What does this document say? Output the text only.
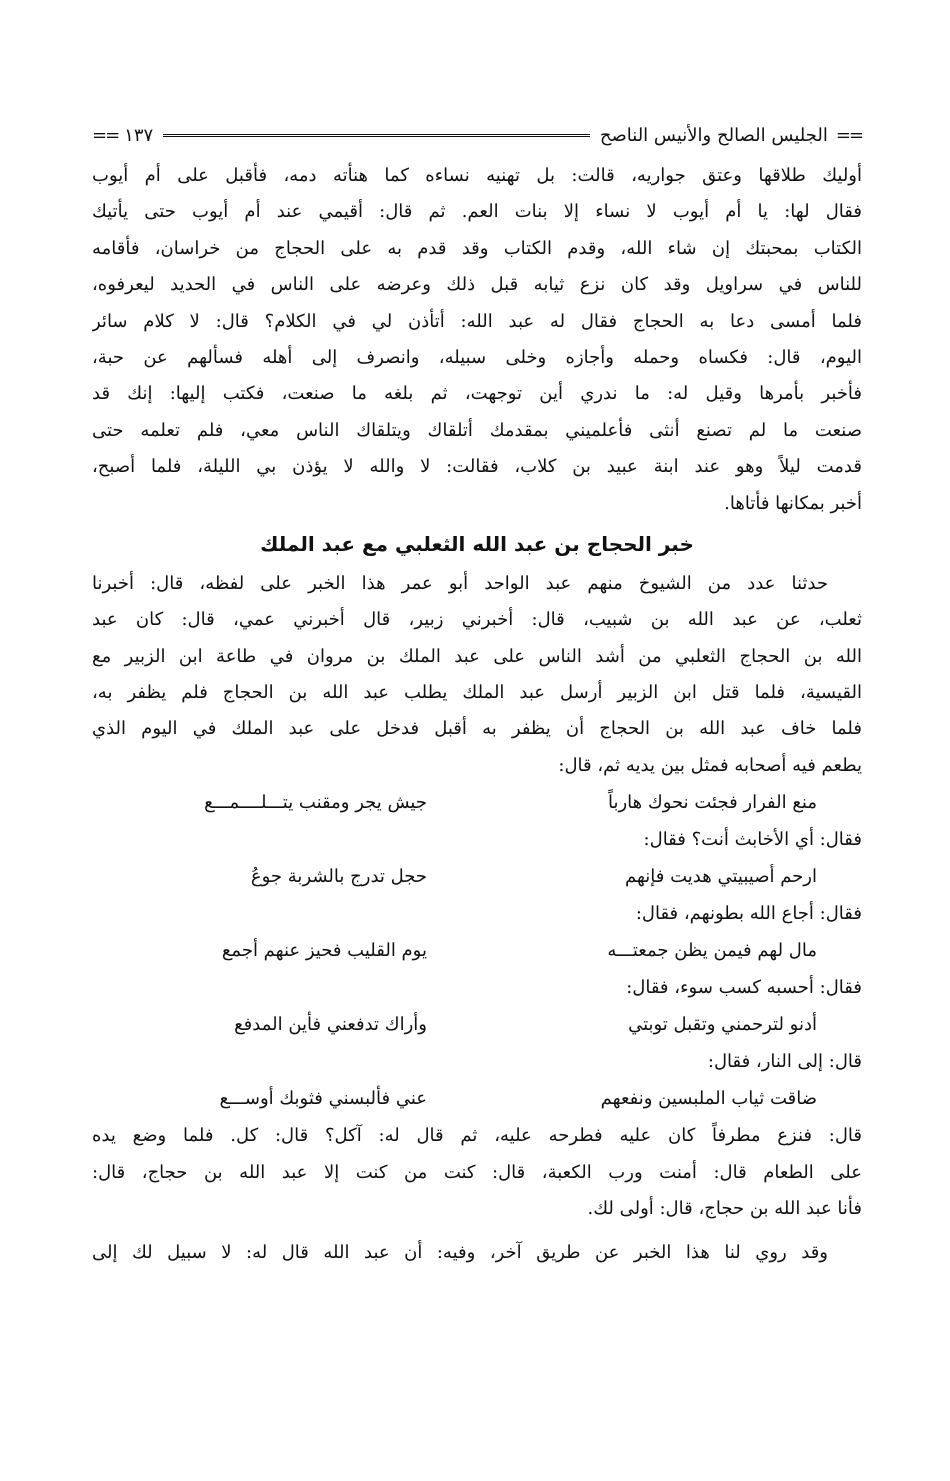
==
الجليس الصالح والأنيس الناصح
١٣٧
==
أوليك طلاقها وعتق جواريه، قالت: بل تهنيه نساءه كما هنأته دمه، فأقبل على أم أيوب
فقال لها: يا أم أيوب لا نساء إلا بنات العم. ثم قال: أقيمي عند أم أيوب حتى يأتيك
الكتاب بمحبتك إن شاء الله، وقدم الكتاب وقد قدم به على الحجاج من خراسان، فأقامه
للناس في سراويل وقد كان نزع ثيابه قبل ذلك وعرضه على الناس في الحديد ليعرفوه،
فلما أمسى دعا به الحجاج فقال له عبد الله: أتأذن لي في الكلام؟ قال: لا كلام سائر
اليوم، قال: فكساه وحمله وأجازه وخلى سبيله، وانصرف إلى أهله فسألهم عن حبة،
فأخبر بأمرها وقيل له: ما ندري أين توجهت، ثم بلغه ما صنعت، فكتب إليها: إنك قد
صنعت ما لم تصنع أنثى فأعلميني بمقدمك أتلقاك ويتلقاك الناس معي، فلم تعلمه حتى
قدمت ليلاً وهو عند ابنة عبيد بن كلاب، فقالت: لا والله لا يؤذن بي الليلة، فلما أصبح،
أخبر بمكانها فأتاها.
خبر الحجاج بن عبد الله الثعلبي مع عبد الملك
حدثنا عدد من الشيوخ منهم عبد الواحد أبو عمر هذا الخبر على لفظه، قال: أخبرنا
ثعلب، عن عبد الله بن شبيب، قال: أخبرني زبير، قال أخبرني عمي، قال: كان عبد
الله بن الحجاج الثعلبي من أشد الناس على عبد الملك بن مروان في طاعة ابن الزبير مع
القيسية، فلما قتل ابن الزبير أرسل عبد الملك يطلب عبد الله بن الحجاج فلم يظفر به،
فلما خاف عبد الله بن الحجاج أن يظفر به أقبل فدخل على عبد الملك في اليوم الذي
يطعم فيه أصحابه فمثل بين يديه ثم، قال:
منع الفرار فجئت نحوك هارباً
جيش يجر ومقنب يتـــلــــمـــع
فقال: أي الأخابث أنت؟ فقال:
ارحم أصيبيتي هديت فإنهم
حجل تدرج بالشربة جوعُ
فقال: أجاع الله بطونهم، فقال:
مال لهم فيمن يظن جمعتـــه
يوم القليب فحيز عنهم أجمع
فقال: أحسبه كسب سوء، فقال:
أدنو لترحمني وتقبل توبتي
وأراك تدفعني فأين المدفع
قال: إلى النار، فقال:
ضاقت ثياب الملبسين ونفعهم
عني فألبسني فثوبك أوســـع
قال: فنزع مطرفاً كان عليه فطرحه عليه، ثم قال له: آكل؟ قال: كل. فلما وضع يده
على الطعام قال: أمنت ورب الكعبة، قال: كنت من كنت إلا عبد الله بن حجاج، قال:
فأنا عبد الله بن حجاج، قال: أولى لك.
وقد روي لنا هذا الخبر عن طريق آخر، وفيه: أن عبد الله قال له: لا سبيل لك إلى
